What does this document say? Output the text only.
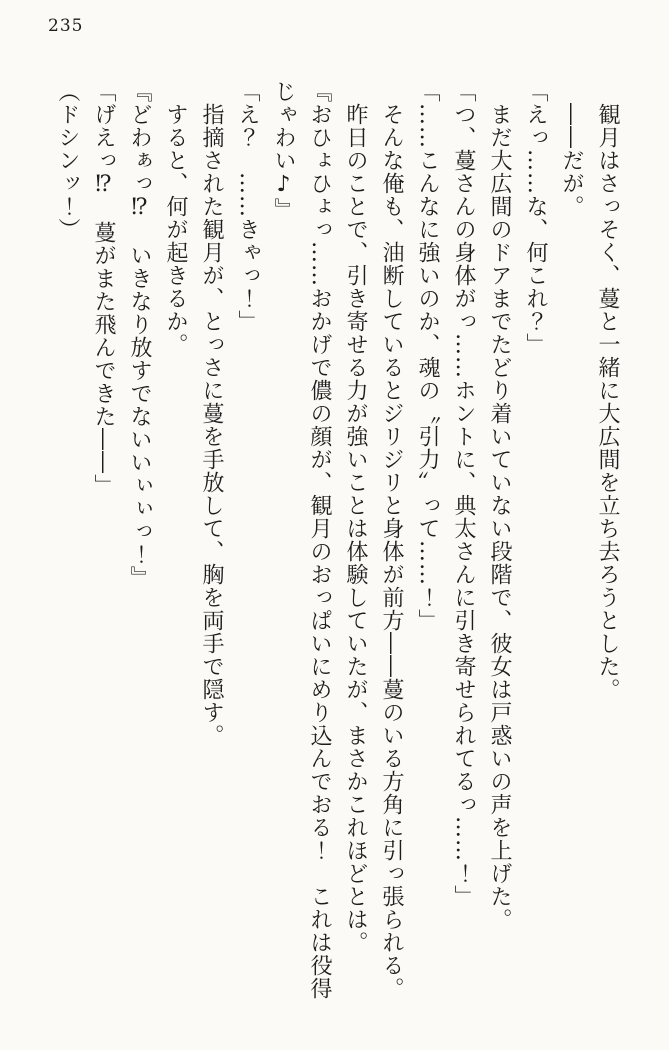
235

観月はさっそく、蔓と一緒に大広間を立ち去ろうとした。

――だが。

「えっ……な、何これ？」

まだ大広間のドアまでたどり着いていない段階で、彼女は戸惑いの声を上げた。

「つ、蔓さんの身体がっ……ホントに、典太さんに引き寄せられてるっ……！」

「……こんなに強いのか、魂の〝引力〟って……！」

そんな俺も、油断しているとジリジリと身体が前方――蔓のいる方角に引っ張られる。

昨日のことで、引き寄せる力が強いことは体験していたが、まさかこれほどとは。

『おひょひょっ……おかげで儂の顔が、観月のおっぱいにめり込んでおる！　これは役得じゃわい♪』

「え？　……きゃっ！」

指摘された観月が、とっさに蔓を手放して、胸を両手で隠す。

すると、何が起きるか。

『どわぁっ⁉　いきなり放すでないいぃぃっ！』

「げえっ⁉　蔓がまた飛んできた――」

（ドシンッ！）
